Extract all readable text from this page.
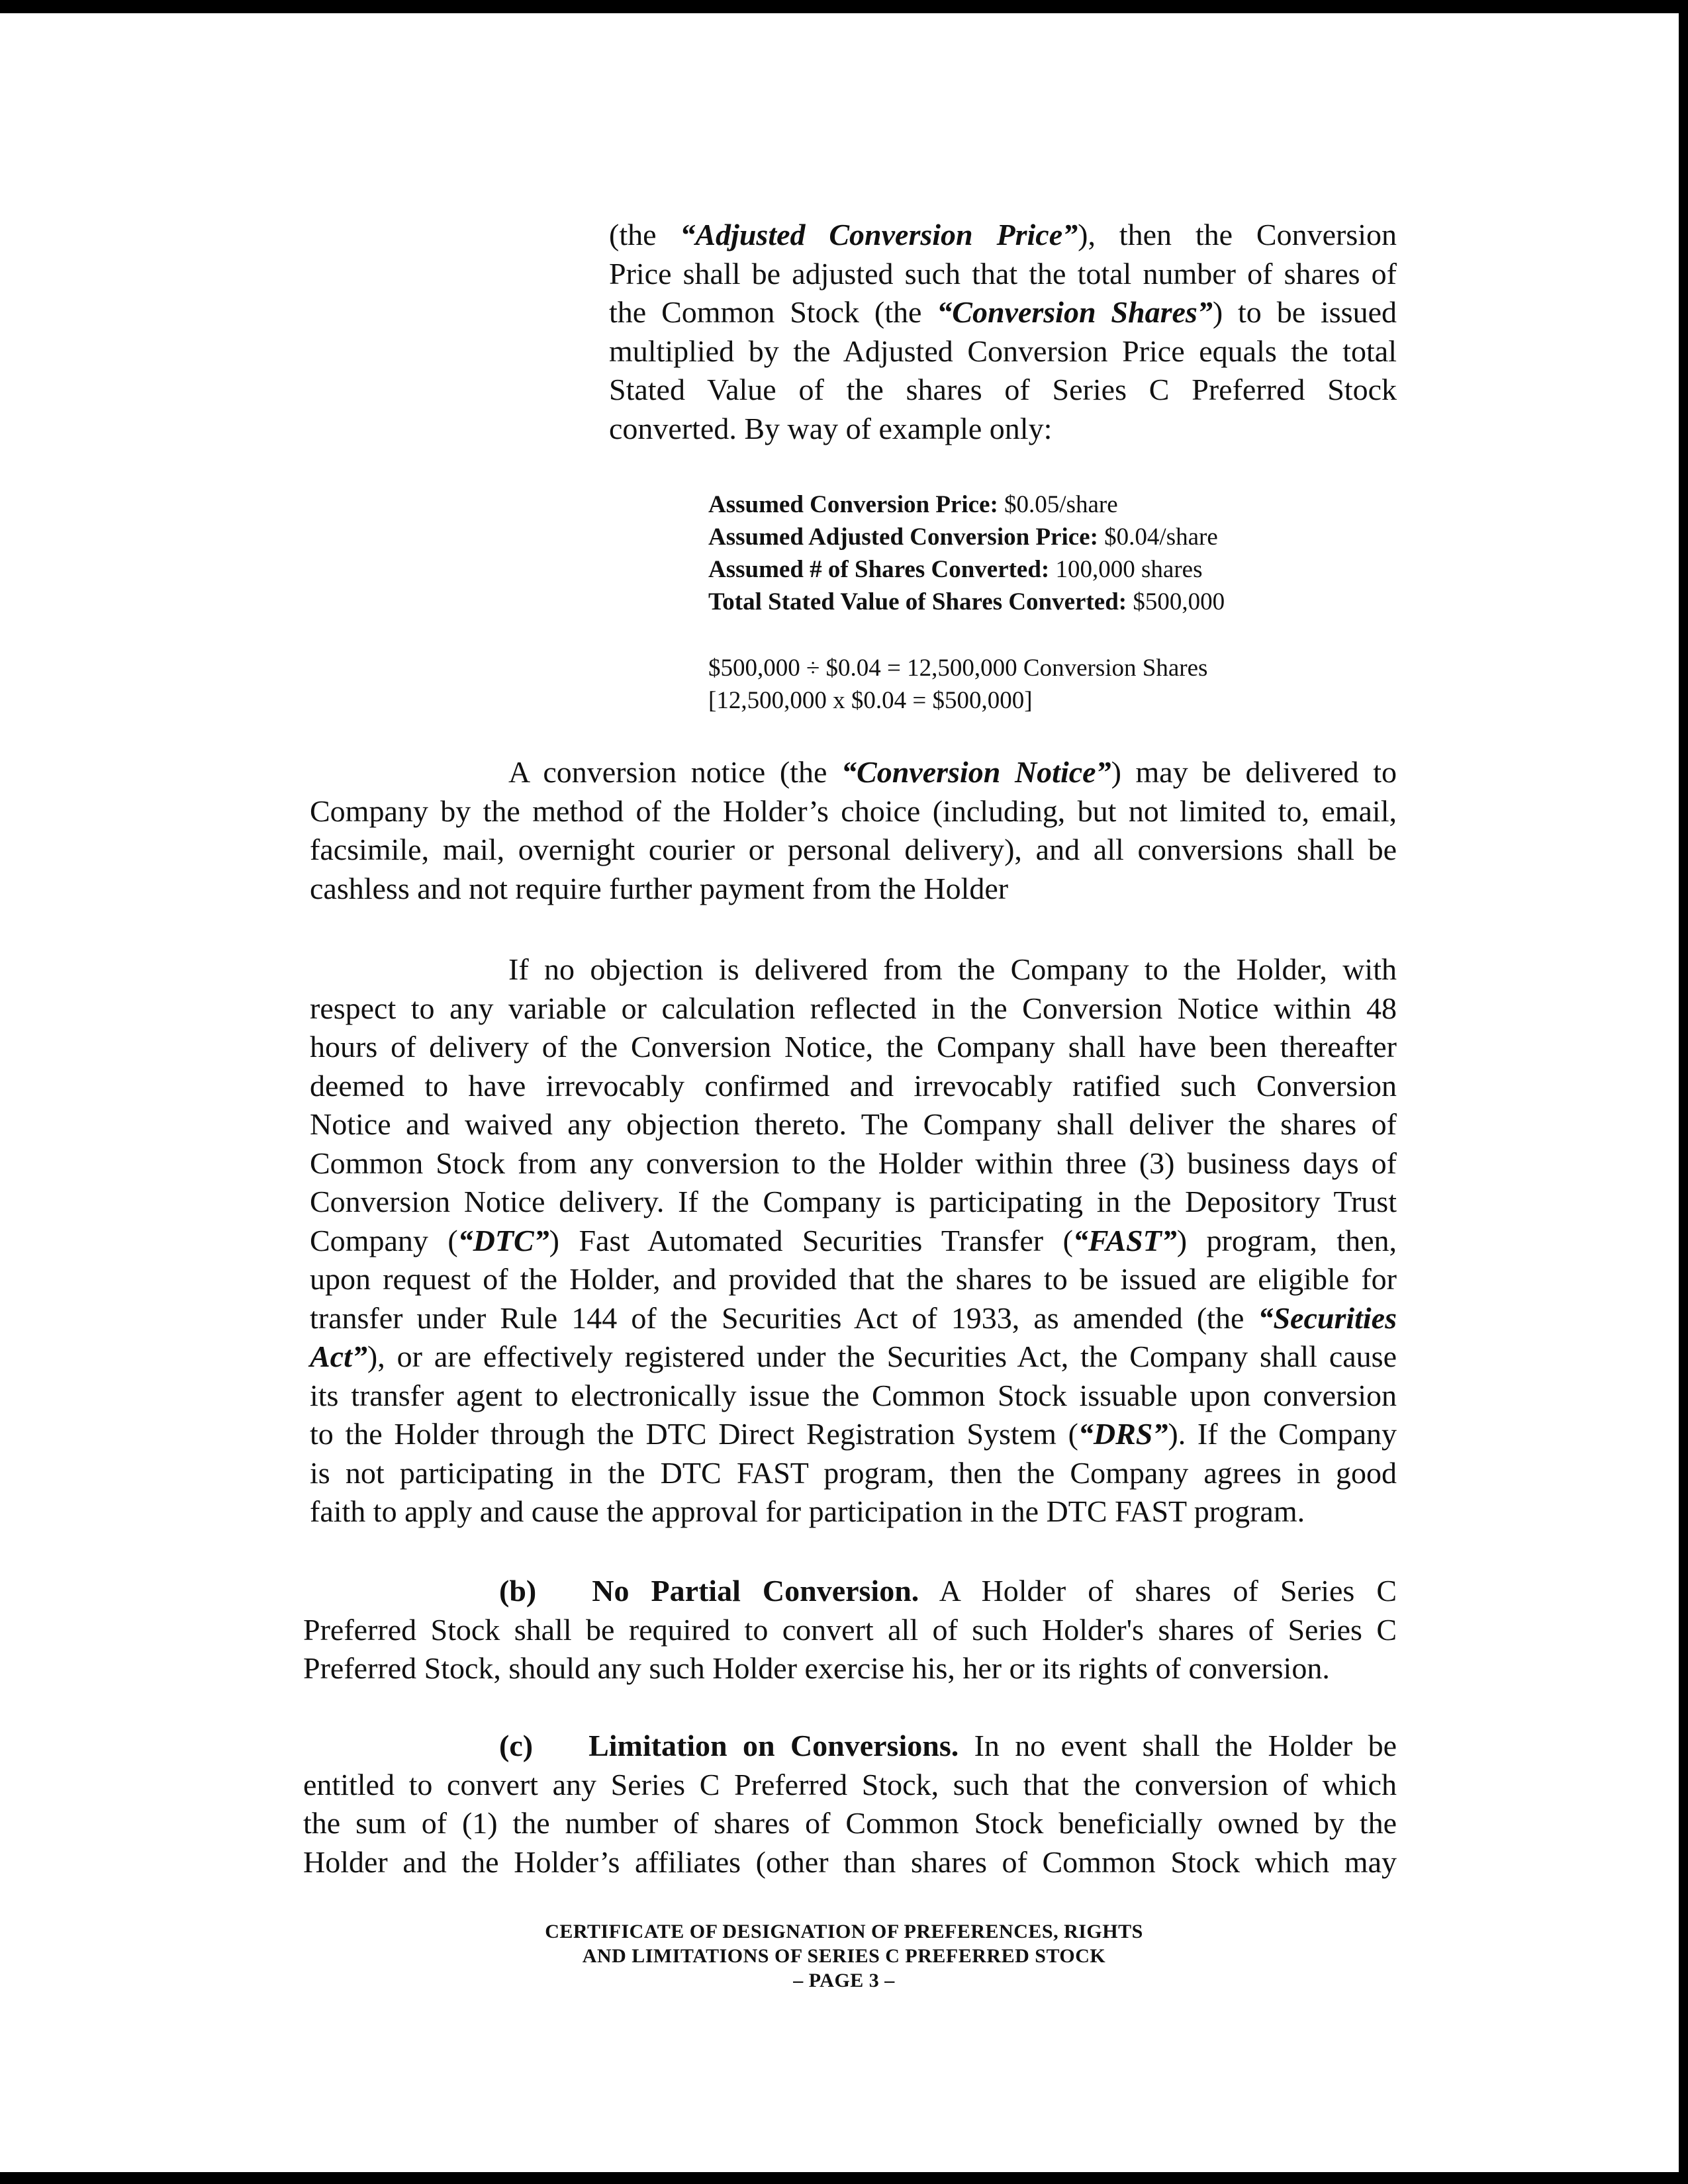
(the “Adjusted Conversion Price”), then the Conversion
Price shall be adjusted such that the total number of shares of
the Common Stock (the “Conversion Shares”) to be issued
multiplied by the Adjusted Conversion Price equals the total
Stated Value of the shares of Series C Preferred Stock
converted. By way of example only:
Assumed Conversion Price: $0.05/share
Assumed Adjusted Conversion Price: $0.04/share
Assumed # of Shares Converted: 100,000 shares
Total Stated Value of Shares Converted: $500,000
$500,000 ÷ $0.04 = 12,500,000 Conversion Shares
[12,500,000 x $0.04 = $500,000]
A conversion notice (the “Conversion Notice”) may be delivered to
Company by the method of the Holder’s choice (including, but not limited to, email,
facsimile, mail, overnight courier or personal delivery), and all conversions shall be
cashless and not require further payment from the Holder
If no objection is delivered from the Company to the Holder, with
respect to any variable or calculation reflected in the Conversion Notice within 48
hours of delivery of the Conversion Notice, the Company shall have been thereafter
deemed to have irrevocably confirmed and irrevocably ratified such Conversion
Notice and waived any objection thereto. The Company shall deliver the shares of
Common Stock from any conversion to the Holder within three (3) business days of
Conversion Notice delivery. If the Company is participating in the Depository Trust
Company (“DTC”) Fast Automated Securities Transfer (“FAST”) program, then,
upon request of the Holder, and provided that the shares to be issued are eligible for
transfer under Rule 144 of the Securities Act of 1933, as amended (the “Securities
Act”), or are effectively registered under the Securities Act, the Company shall cause
its transfer agent to electronically issue the Common Stock issuable upon conversion
to the Holder through the DTC Direct Registration System (“DRS”). If the Company
is not participating in the DTC FAST program, then the Company agrees in good
faith to apply and cause the approval for participation in the DTC FAST program.
(b) No Partial Conversion. A Holder of shares of Series C
Preferred Stock shall be required to convert all of such Holder's shares of Series C
Preferred Stock, should any such Holder exercise his, her or its rights of conversion.
(c) Limitation on Conversions. In no event shall the Holder be
entitled to convert any Series C Preferred Stock, such that the conversion of which
the sum of (1) the number of shares of Common Stock beneficially owned by the
Holder and the Holder’s affiliates (other than shares of Common Stock which may
CERTIFICATE OF DESIGNATION OF PREFERENCES, RIGHTS
AND LIMITATIONS OF SERIES C PREFERRED STOCK
– PAGE 3 –
